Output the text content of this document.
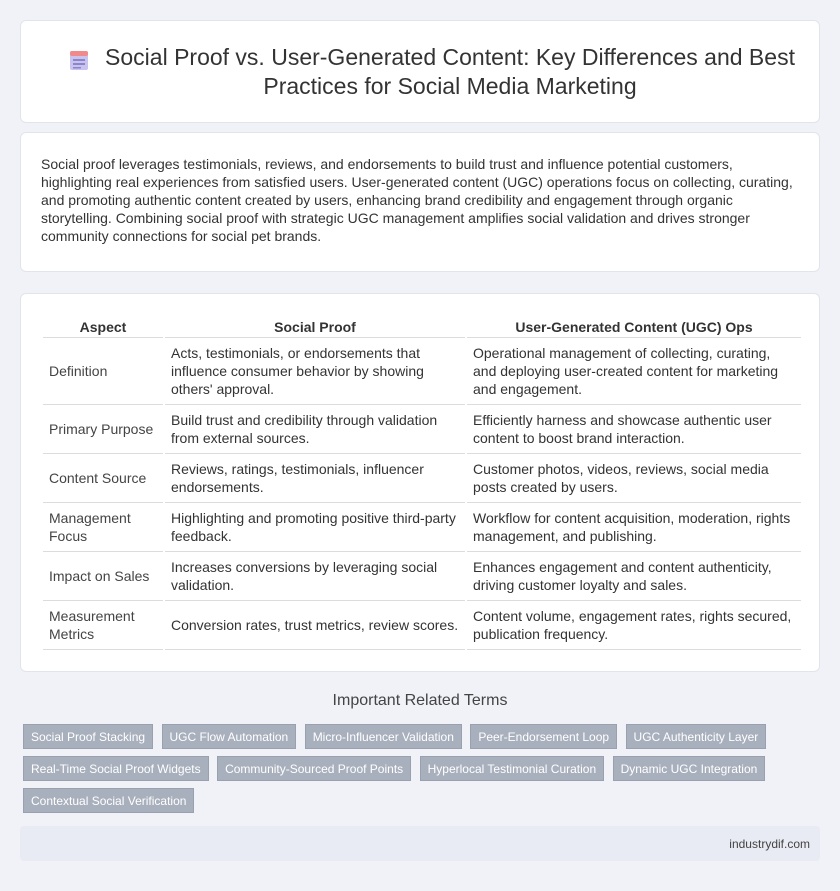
Social Proof vs. User-Generated Content: Key Differences and Best Practices for Social Media Marketing

Social proof leverages testimonials, reviews, and endorsements to build trust and influence potential customers, highlighting real experiences from satisfied users. User-generated content (UGC) operations focus on collecting, curating, and promoting authentic content created by users, enhancing brand credibility and engagement through organic storytelling. Combining social proof with strategic UGC management amplifies social validation and drives stronger community connections for social pet brands.

Aspect	Social Proof	User-Generated Content (UGC) Ops
Definition	Acts, testimonials, or endorsements that influence consumer behavior by showing others' approval.	Operational management of collecting, curating, and deploying user-created content for marketing and engagement.
Primary Purpose	Build trust and credibility through validation from external sources.	Efficiently harness and showcase authentic user content to boost brand interaction.
Content Source	Reviews, ratings, testimonials, influencer endorsements.	Customer photos, videos, reviews, social media posts created by users.
Management Focus	Highlighting and promoting positive third-party feedback.	Workflow for content acquisition, moderation, rights management, and publishing.
Impact on Sales	Increases conversions by leveraging social validation.	Enhances engagement and content authenticity, driving customer loyalty and sales.
Measurement Metrics	Conversion rates, trust metrics, review scores.	Content volume, engagement rates, rights secured, publication frequency.
Important Related Terms
Social Proof Stacking UGC Flow Automation Micro-Influencer Validation Peer-Endorsement Loop UGC Authenticity Layer Real-Time Social Proof Widgets Community-Sourced Proof Points Hyperlocal Testimonial Curation Dynamic UGC Integration Contextual Social Verification
industrydif.com
